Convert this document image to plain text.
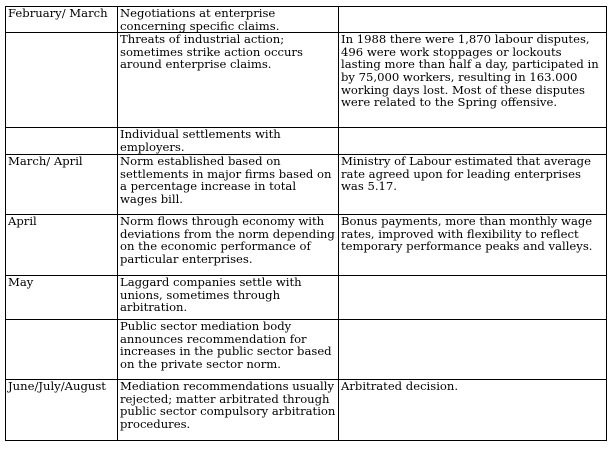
February/ March	Negotiations at enterprise concerning specific claims.	
	Threats of industrial action; sometimes strike action occurs around enterprise claims.	In 1988 there were 1,870 labour disputes, 496 were work stoppages or lockouts lasting more than half a day, participated in by 75,000 workers, resulting in 163.000 working days lost. Most of these disputes were related to the Spring offensive.
	Individual settlements with employers.	
March/ April	Norm established based on settlements in major firms based on a percentage increase in total wages bill.	Ministry of Labour estimated that average rate agreed upon for leading enterprises was 5.17.
April	Norm flows through economy with deviations from the norm depending on the economic performance of particular enterprises.	Bonus payments, more than monthly wage rates, improved with flexibility to reflect temporary performance peaks and valleys.
May	Laggard companies settle with unions, sometimes through arbitration.	
	Public sector mediation body announces recommendation for increases in the public sector based on the private sector norm.	
June/July/August	Mediation recommendations usually rejected; matter arbitrated through public sector compulsory arbitration procedures.	Arbitrated decision.
